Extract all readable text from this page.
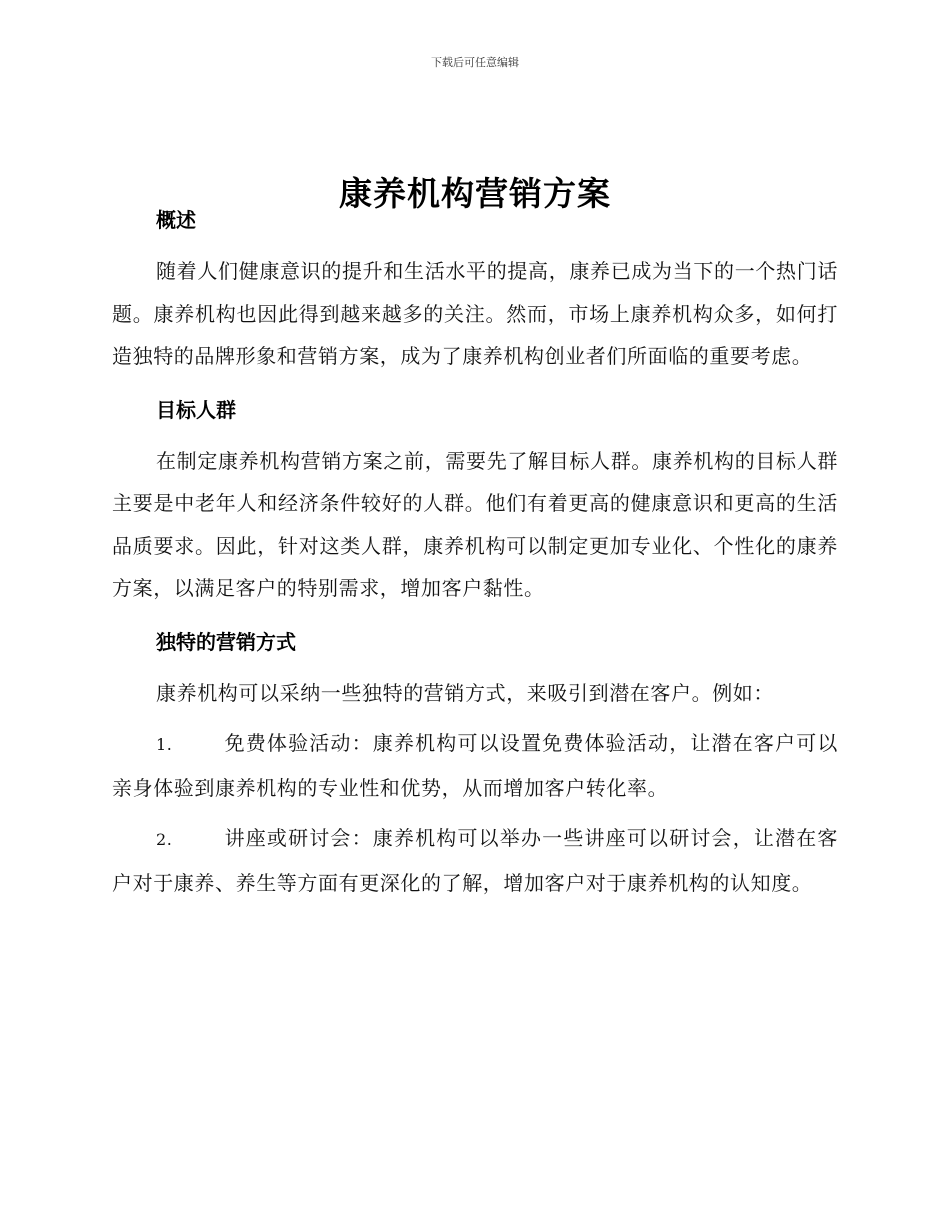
下载后可任意编辑
康养机构营销方案
概述

随着人们健康意识的提升和生活水平的提高，康养已成为当下的一个热门话题。康养机构也因此得到越来越多的关注。然而，市场上康养机构众多，如何打造独特的品牌形象和营销方案，成为了康养机构创业者们所面临的重要考虑。

目标人群

在制定康养机构营销方案之前，需要先了解目标人群。康养机构的目标人群主要是中老年人和经济条件较好的人群。他们有着更高的健康意识和更高的生活品质要求。因此，针对这类人群，康养机构可以制定更加专业化、个性化的康养方案，以满足客户的特别需求，增加客户黏性。

独特的营销方式

康养机构可以采纳一些独特的营销方式，来吸引到潜在客户。例如：

1.	免费体验活动：康养机构可以设置免费体验活动，让潜在客户可以亲身体验到康养机构的专业性和优势，从而增加客户转化率。

2.	讲座或研讨会：康养机构可以举办一些讲座可以研讨会，让潜在客户对于康养、养生等方面有更深化的了解，增加客户对于康养机构的认知度。
